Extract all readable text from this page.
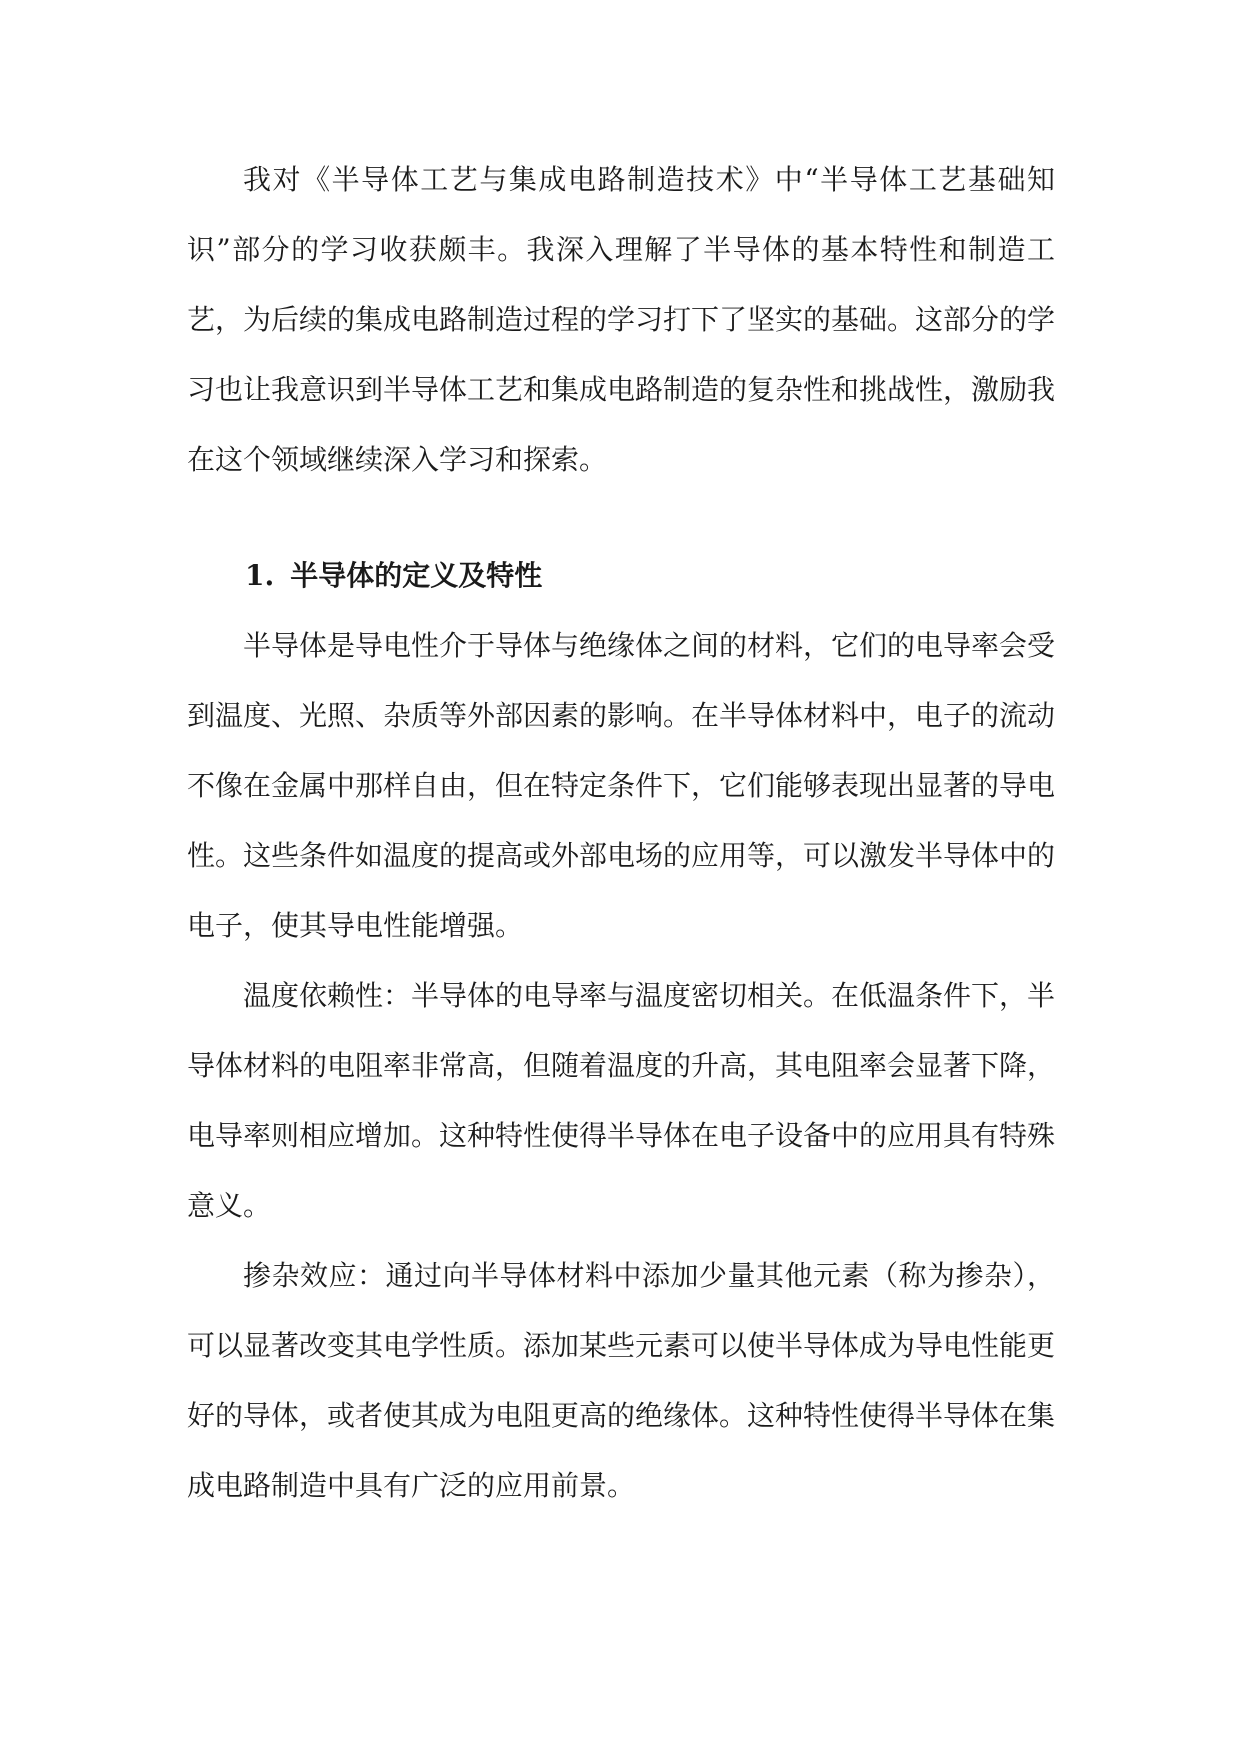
我对《半导体工艺与集成电路制造技术》中“半导体工艺基础知识”部分的学习收获颇丰。我深入理解了半导体的基本特性和制造工艺，为后续的集成电路制造过程的学习打下了坚实的基础。这部分的学习也让我意识到半导体工艺和集成电路制造的复杂性和挑战性，激励我在这个领域继续深入学习和探索。

1. 半导体的定义及特性

半导体是导电性介于导体与绝缘体之间的材料，它们的电导率会受到温度、光照、杂质等外部因素的影响。在半导体材料中，电子的流动不像在金属中那样自由，但在特定条件下，它们能够表现出显著的导电性。这些条件如温度的提高或外部电场的应用等，可以激发半导体中的电子，使其导电性能增强。

温度依赖性：半导体的电导率与温度密切相关。在低温条件下，半导体材料的电阻率非常高，但随着温度的升高，其电阻率会显著下降，电导率则相应增加。这种特性使得半导体在电子设备中的应用具有特殊意义。

掺杂效应：通过向半导体材料中添加少量其他元素（称为掺杂），可以显著改变其电学性质。添加某些元素可以使半导体成为导电性能更好的导体，或者使其成为电阻更高的绝缘体。这种特性使得半导体在集成电路制造中具有广泛的应用前景。
